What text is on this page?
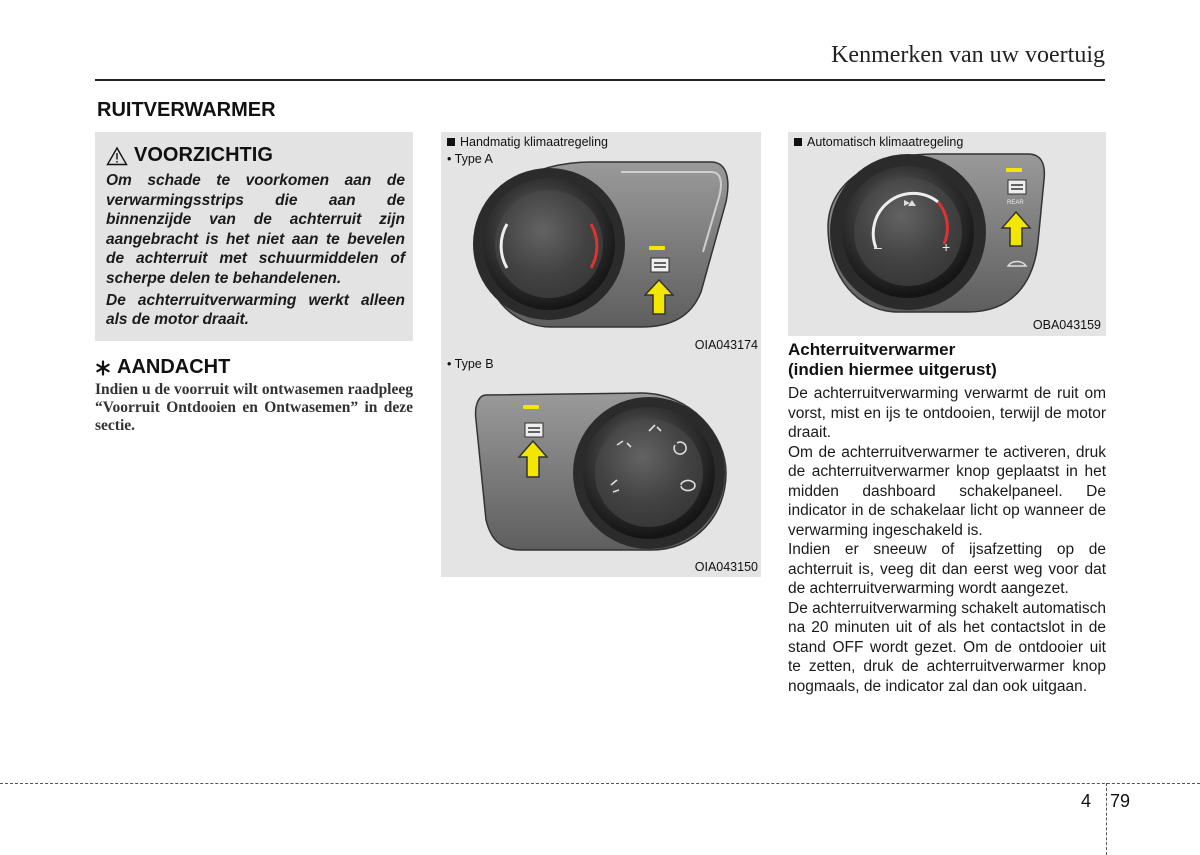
Kenmerken van uw voertuig
RUITVERWARMER
VOORZICHTIG

Om schade te voorkomen aan de verwarmingsstrips die aan de binnenzijde van de achterruit zijn aangebracht is het niet aan te bevelen de achterruit met schuurmiddelen of scherpe delen te behandelenen.

De achterruitverwarming werkt alleen als de motor draait.

AANDACHT
Indien u de voorruit wilt ontwasemen raadpleeg “Voorruit Ontdooien en Ontwasemen” in deze sectie.
Handmatig klimaatregeling
• Type A
OIA043174
• Type B
OIA043150
Automatisch klimaatregeling
–	+
REAR
OBA043159
Achterruitverwarmer
(indien hiermee uitgerust)

De achterruitverwarming verwarmt de ruit om vorst, mist en ijs te ontdooien, terwijl de motor draait.

Om de achterruitverwarmer te activeren, druk de achterruitverwarmer knop geplaatst in het midden dashboard schakelpaneel. De indicator in de schakelaar licht op wanneer de verwarming ingeschakeld is.

Indien er sneeuw of ijsafzetting op de achterruit is, veeg dit dan eerst weg voor dat de achterruitverwarming wordt aangezet.

De achterruitverwarming schakelt automatisch na 20 minuten uit of als het contactslot in de stand OFF wordt gezet. Om de ontdooier uit te zetten, druk de achterruitverwarmer knop nogmaals, de indicator zal dan ook uitgaan.

4 79
